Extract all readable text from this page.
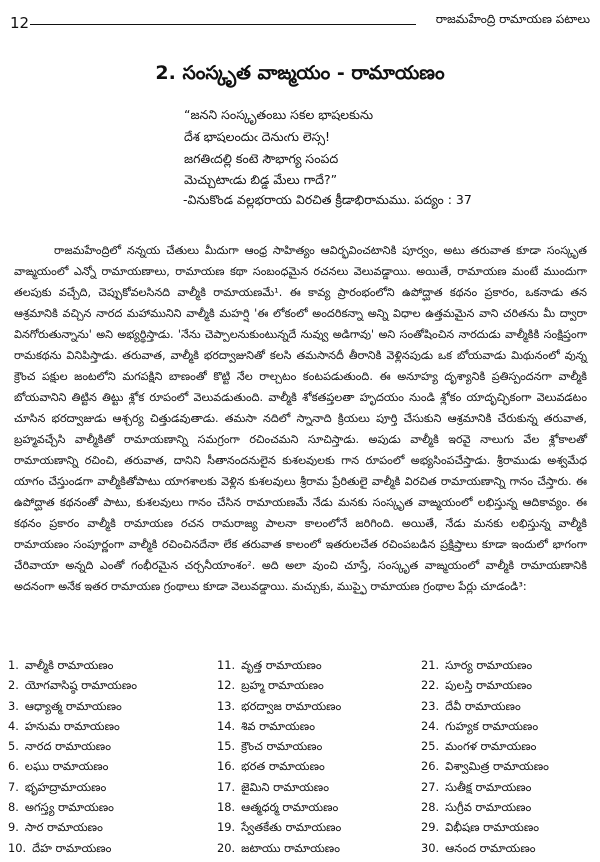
12	రాజమహేంద్రి రామాయణ పటాలు
2. సంస్కృత వాఙ్మయం - రామాయణం
“జనని సంస్కృతంబు సకల భాషలకును
దేశ భాషలందుఁ దెనుఁగు లెస్స!
జగతిఁదల్లి కంటె సౌభాగ్య సంపద
మెచ్చుటాఁడు బిడ్డ మేలు గాదే?”
-వినుకొండ వల్లభరాయ విరచిత క్రీడాభిరామము. పద్యం : 37
రాజమహేంద్రిలో నన్నయ చేతులు మీదుగా ఆంధ్ర సాహిత్యం ఆవిర్భవించటానికి పూర్వం, అటు తరువాత కూడా సంస్కృత వాఙ్మయంలో ఎన్నో రామాయణాలు, రామాయణ కథా సంబంధమైన రచనలు వెలువడ్డాయి. అయితే, రామాయణ మంటే ముందుగా తలపుకు వచ్చేది, చెప్పుకోవలసినది వాల్మీకి రామాయణమే¹. ఈ కావ్య ప్రారంభంలోని ఉపోద్ఘాత కథనం ప్రకారం, ఒకనాడు తన ఆశ్రమానికి వచ్చిన నారద మహామునిని వాల్మీకి మహర్షి 'ఈ లోకంలో అందరికన్నా అన్ని విధాల ఉత్తమమైన వాని చరితను మీ ద్వారా వినగోరుతున్నాను' అని అభ్యర్థిస్తాడు. 'నేను చెప్పాలనుకుంటున్నదే నువ్వు అడిగావు' అని సంతోషించిన నారదుడు వాల్మీకికి సంక్షిప్తంగా రామకథను వినిపిస్తాడు. తరువాత, వాల్మీకి భరద్వాజునితో కలసి తమసానదీ తీరానికి వెళ్లినపుడు ఒక బోయవాడు మిథునంలో వున్న క్రౌంచ పక్షుల జంటలోని మగపక్షిని బాణంతో కొట్టి నేల రాల్చటం కంటపడుతుంది. ఈ అనూహ్య దృశ్యానికి ప్రతిస్పందనగా వాల్మీకి బోయవానిని తిట్టిన తిట్టు శ్లోక రూపంలో వెలువడుతుంది. వాల్మీకి శోకతప్తలతా హృదయం నుండి శ్లోకం యాదృచ్ఛికంగా వెలువడటం చూసిన భరద్వాజుడు ఆశ్చర్య చిత్తుడవుతాడు. తమసా నదిలో స్నానాది క్రియలు పూర్తి చేసుకుని ఆశ్రమానికి చేరుకున్న తరువాత, బ్రహ్మవచ్చేసి వాల్మీకితో రామాయణాన్ని సమగ్రంగా రచించమని సూచిస్తాడు. అపుడు వాల్మీకి ఇరవై నాలుగు వేల శ్లోకాలతో రామాయణాన్ని రచించి, తరువాత, దానిని సీతానందనులైన కుశలవులకు గాన రూపంలో అభ్యసింపచేస్తాడు. శ్రీరాముడు అశ్వమేధ యాగం చేస్తుండగా వాల్మీకితోపాటు యాగశాలకు వెళ్లిన కుశలవులు శ్రీరామ ప్రేరితులై వాల్మీకి విరచిత రామాయణాన్ని గానం చేస్తారు. ఈ ఉపోద్ఘాత కథనంతో పాటు, కుశలవులు గానం చేసిన రామాయణమే నేడు మనకు సంస్కృత వాఙ్మయంలో లభిస్తున్న ఆదికావ్యం. ఈ కథనం ప్రకారం వాల్మీకి రామాయణ రచన రామరాజ్య పాలనా కాలంలోనే జరిగింది. అయితే, నేడు మనకు లభిస్తున్న వాల్మీకి రామాయణం సంపూర్ణంగా వాల్మీకి రచించినదేనా లేక తరువాత కాలంలో ఇతరులచేత రచింపబడిన ప్రక్షిప్తాలు కూడా ఇందులో భాగంగా చేరివాయా అన్నది ఎంతో గంభీరమైన చర్చనీయాంశం². అది అలా వుంచి చూస్తే, సంస్కృత వాఙ్మయంలో వాల్మీకి రామాయణానికి అదనంగా అనేక ఇతర రామాయణ గ్రంథాలు కూడా వెలువడ్డాయి. మచ్చుకు, ముప్ఫై రామాయణ గ్రంథాల పేర్లు చూడండి³:
1. వాల్మీకి రామాయణం
2. యోగవాసిష్ఠ రామాయణం
3. ఆధ్యాత్మ రామాయణం
4. హనుమ రామాయణం
5. నారద రామాయణం
6. లఘు రామాయణం
7. భృహద్రామాయణం
8. అగస్త్య రామాయణం
9. సార రామాయణం
10. దేహ రామాయణం
11. వృత్త రామాయణం
12. బ్రహ్మ రామాయణం
13. భరద్వాజ రామాయణం
14. శివ రామాయణం
15. క్రౌంచ రామాయణం
16. భరత రామాయణం
17. జైమిని రామాయణం
18. ఆత్మధర్మ రామాయణం
19. స్వేతకేతు రామాయణం
20. జటాయు రామాయణం
21. సూర్య రామాయణం
22. పులస్తి రామాయణం
23. దేవీ రామాయణం
24. గుహ్యక రామాయణం
25. మంగళ రామాయణం
26. విశ్వామిత్ర రామాయణం
27. సుతీక్ష రామాయణం
28. సుగ్రీవ రామాయణం
29. విభీషణ రామాయణం
30. ఆనంద రామాయణం
